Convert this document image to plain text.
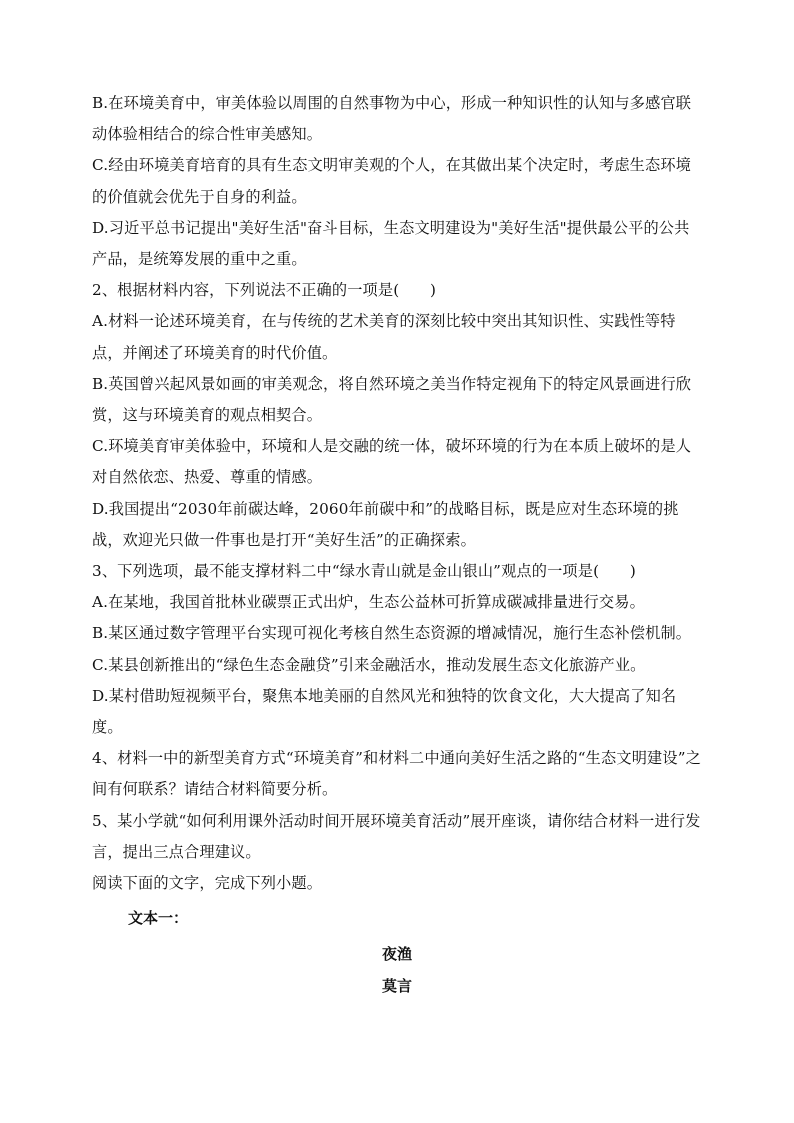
B.在环境美育中，审美体验以周围的自然事物为中心，形成一种知识性的认知与多感官联动体验相结合的综合性审美感知。

C.经由环境美育培育的具有生态文明审美观的个人，在其做出某个决定时，考虑生态环境的价值就会优先于自身的利益。

D.习近平总书记提出"美好生活"奋斗目标，生态文明建设为"美好生活"提供最公平的公共产品，是统筹发展的重中之重。

2、根据材料内容，下列说法不正确的一项是(　　)

A.材料一论述环境美育，在与传统的艺术美育的深刻比较中突出其知识性、实践性等特点，并阐述了环境美育的时代价值。

B.英国曾兴起风景如画的审美观念，将自然环境之美当作特定视角下的特定风景画进行欣赏，这与环境美育的观点相契合。

C.环境美育审美体验中，环境和人是交融的统一体，破坏环境的行为在本质上破坏的是人对自然依恋、热爱、尊重的情感。

D.我国提出“2030年前碳达峰，2060年前碳中和”的战略目标，既是应对生态环境的挑战，欢迎光只做一件事也是打开“美好生活”的正确探索。

3、下列选项，最不能支撑材料二中“绿水青山就是金山银山”观点的一项是(　　)

A.在某地，我国首批林业碳票正式出炉，生态公益林可折算成碳减排量进行交易。

B.某区通过数字管理平台实现可视化考核自然生态资源的增减情况，施行生态补偿机制。

C.某县创新推出的“绿色生态金融贷”引来金融活水，推动发展生态文化旅游产业。

D.某村借助短视频平台，聚焦本地美丽的自然风光和独特的饮食文化，大大提高了知名度。

4、材料一中的新型美育方式“环境美育”和材料二中通向美好生活之路的“生态文明建设”之间有何联系？请结合材料简要分析。

5、某小学就“如何利用课外活动时间开展环境美育活动”展开座谈，请你结合材料一进行发言，提出三点合理建议。

阅读下面的文字，完成下列小题。

文本一：

夜渔

莫言
